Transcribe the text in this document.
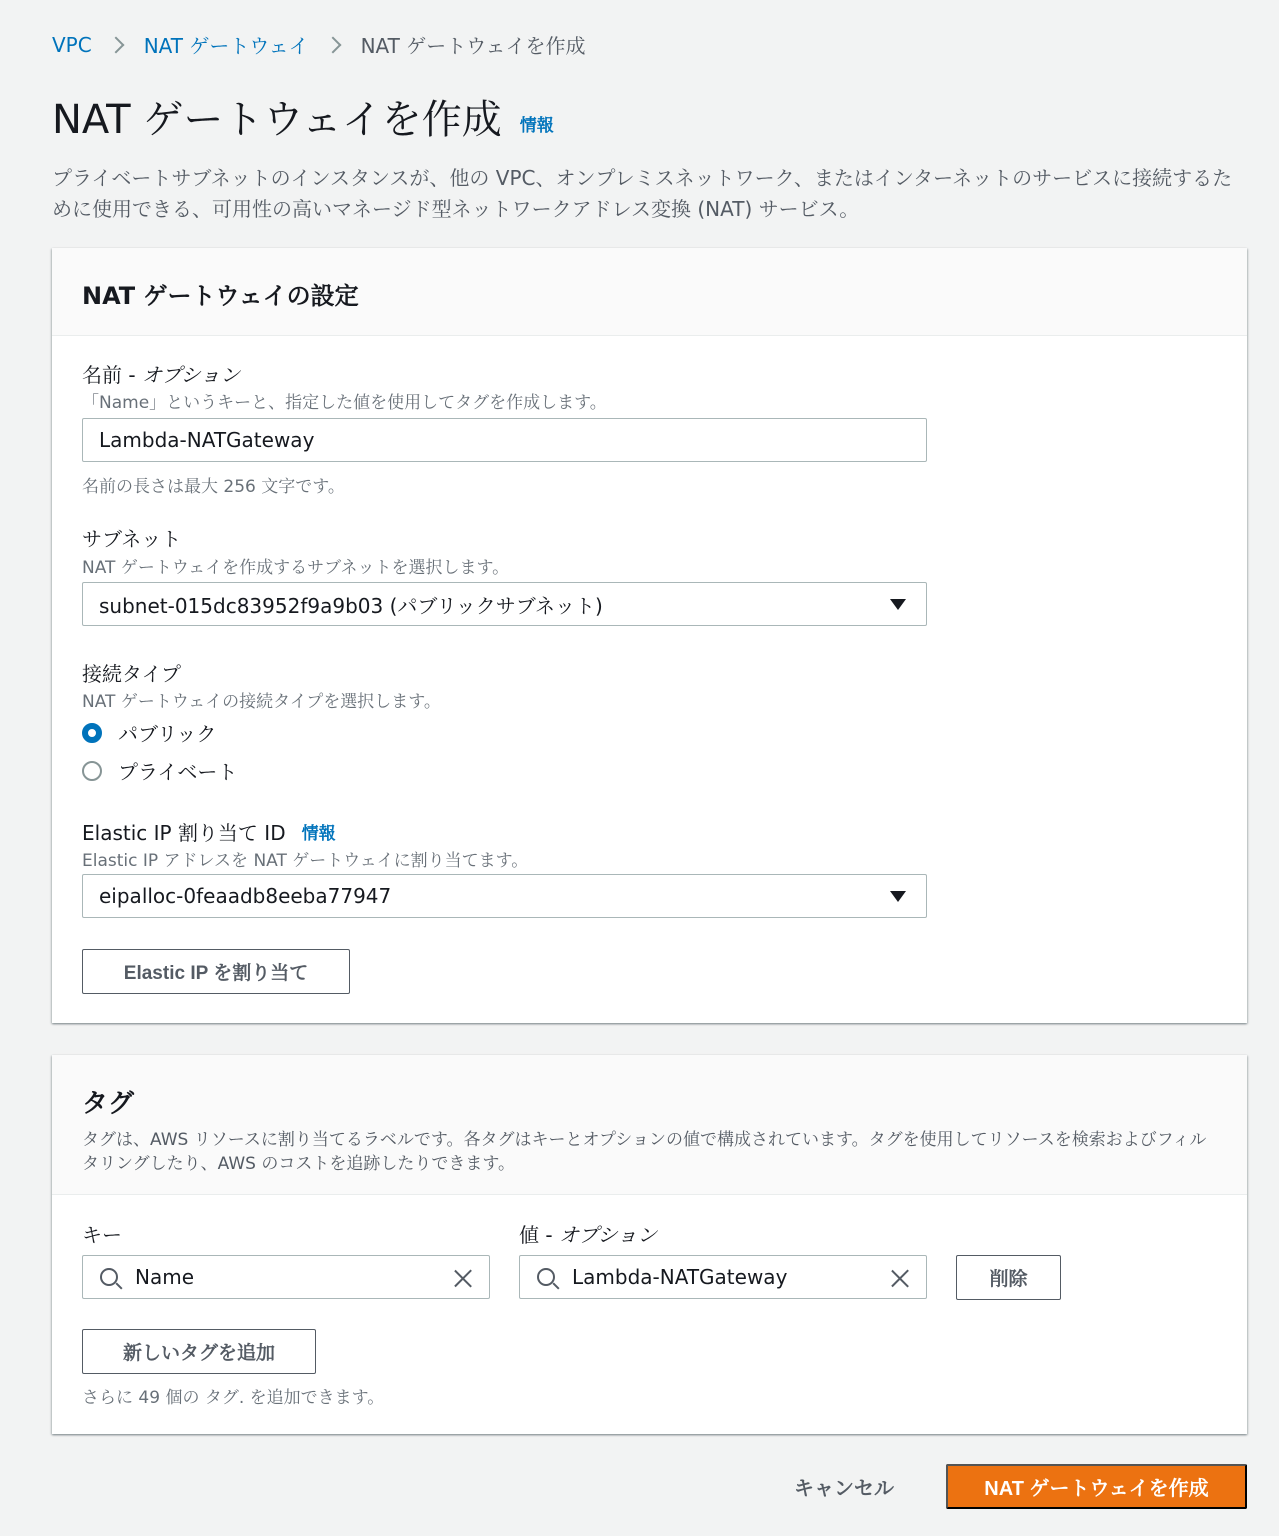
VPC	NAT ゲートウェイ	NAT ゲートウェイを作成
NAT ゲートウェイを作成 情報

プライベートサブネットのインスタンスが、他の VPC、オンプレミスネットワーク、またはインターネットのサービスに接続するために使用できる、可用性の高いマネージド型ネットワークアドレス変換 (NAT) サービス。

NAT ゲートウェイの設定
名前 - オプション
「Name」というキーと、指定した値を使用してタグを作成します。
Lambda-NATGateway
名前の長さは最大 256 文字です。
サブネット
NAT ゲートウェイを作成するサブネットを選択します。
subnet-015dc83952f9a9b03 (パブリックサブネット)
接続タイプ
NAT ゲートウェイの接続タイプを選択します。
パブリック
プライベート
Elastic IP 割り当て ID 情報
Elastic IP アドレスを NAT ゲートウェイに割り当てます。
eipalloc-0feaadb8eeba77947
Elastic IP を割り当て
タグ

タグは、AWS リソースに割り当てるラベルです。各タグはキーとオプションの値で構成されています。タグを使用してリソースを検索およびフィルタリングしたり、AWS のコストを追跡したりできます。

キー	値 - オプション
Name	Lambda-NATGateway	削除
新しいタグを追加
さらに 49 個の タグ. を追加できます。
キャンセル	NAT ゲートウェイを作成
